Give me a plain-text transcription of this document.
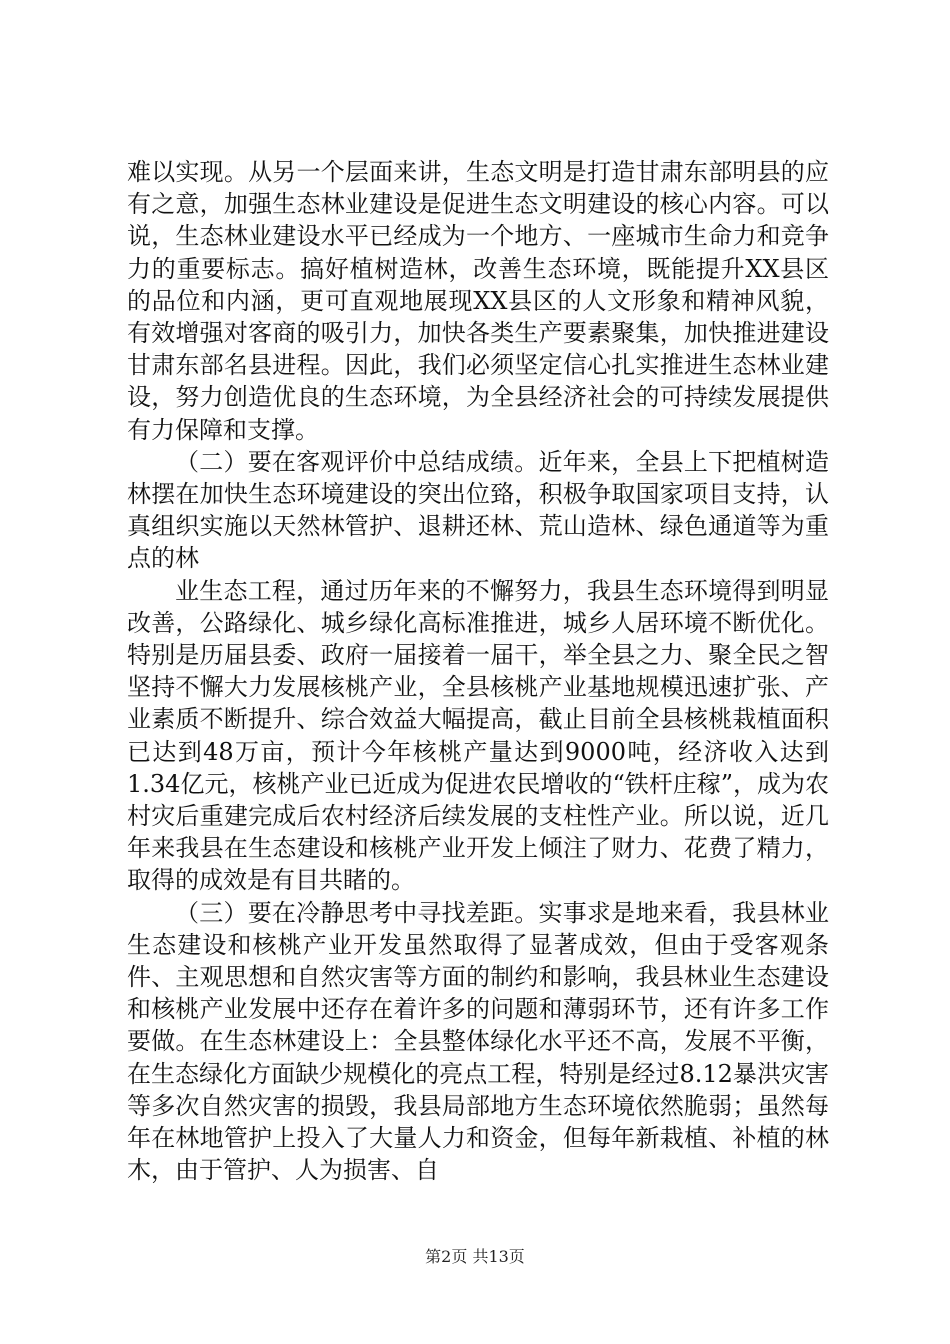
难以实现。从另一个层面来讲，生态文明是打造甘肃东部明县的应有之意，加强生态林业建设是促进生态文明建设的核心内容。可以说，生态林业建设水平已经成为一个地方、一座城市生命力和竞争力的重要标志。搞好植树造林，改善生态环境，既能提升XX县区的品位和内涵，更可直观地展现XX县区的人文形象和精神风貌，有效增强对客商的吸引力，加快各类生产要素聚集，加快推进建设甘肃东部名县进程。因此，我们必须坚定信心扎实推进生态林业建设，努力创造优良的生态环境，为全县经济社会的可持续发展提供有力保障和支撑。

（二）要在客观评价中总结成绩。近年来，全县上下把植树造林摆在加快生态环境建设的突出位臵，积极争取国家项目支持，认真组织实施以天然林管护、退耕还林、荒山造林、绿色通道等为重点的林

业生态工程，通过历年来的不懈努力，我县生态环境得到明显改善，公路绿化、城乡绿化高标准推进，城乡人居环境不断优化。特别是历届县委、政府一届接着一届干，举全县之力、聚全民之智坚持不懈大力发展核桃产业，全县核桃产业基地规模迅速扩张、产业素质不断提升、综合效益大幅提高，截止目前全县核桃栽植面积已达到48万亩，预计今年核桃产量达到9000吨，经济收入达到1.34亿元，核桃产业已近成为促进农民增收的“铁杆庄稼”，成为农村灾后重建完成后农村经济后续发展的支柱性产业。所以说，近几年来我县在生态建设和核桃产业开发上倾注了财力、花费了精力，取得的成效是有目共睹的。

（三）要在冷静思考中寻找差距。实事求是地来看，我县林业生态建设和核桃产业开发虽然取得了显著成效，但由于受客观条件、主观思想和自然灾害等方面的制约和影响，我县林业生态建设和核桃产业发展中还存在着许多的问题和薄弱环节，还有许多工作要做。在生态林建设上：全县整体绿化水平还不高，发展不平衡，在生态绿化方面缺少规模化的亮点工程，特别是经过8.12暴洪灾害等多次自然灾害的损毁，我县局部地方生态环境依然脆弱；虽然每年在林地管护上投入了大量人力和资金，但每年新栽植、补植的林木，由于管护、人为损害、自

第2页 共13页
